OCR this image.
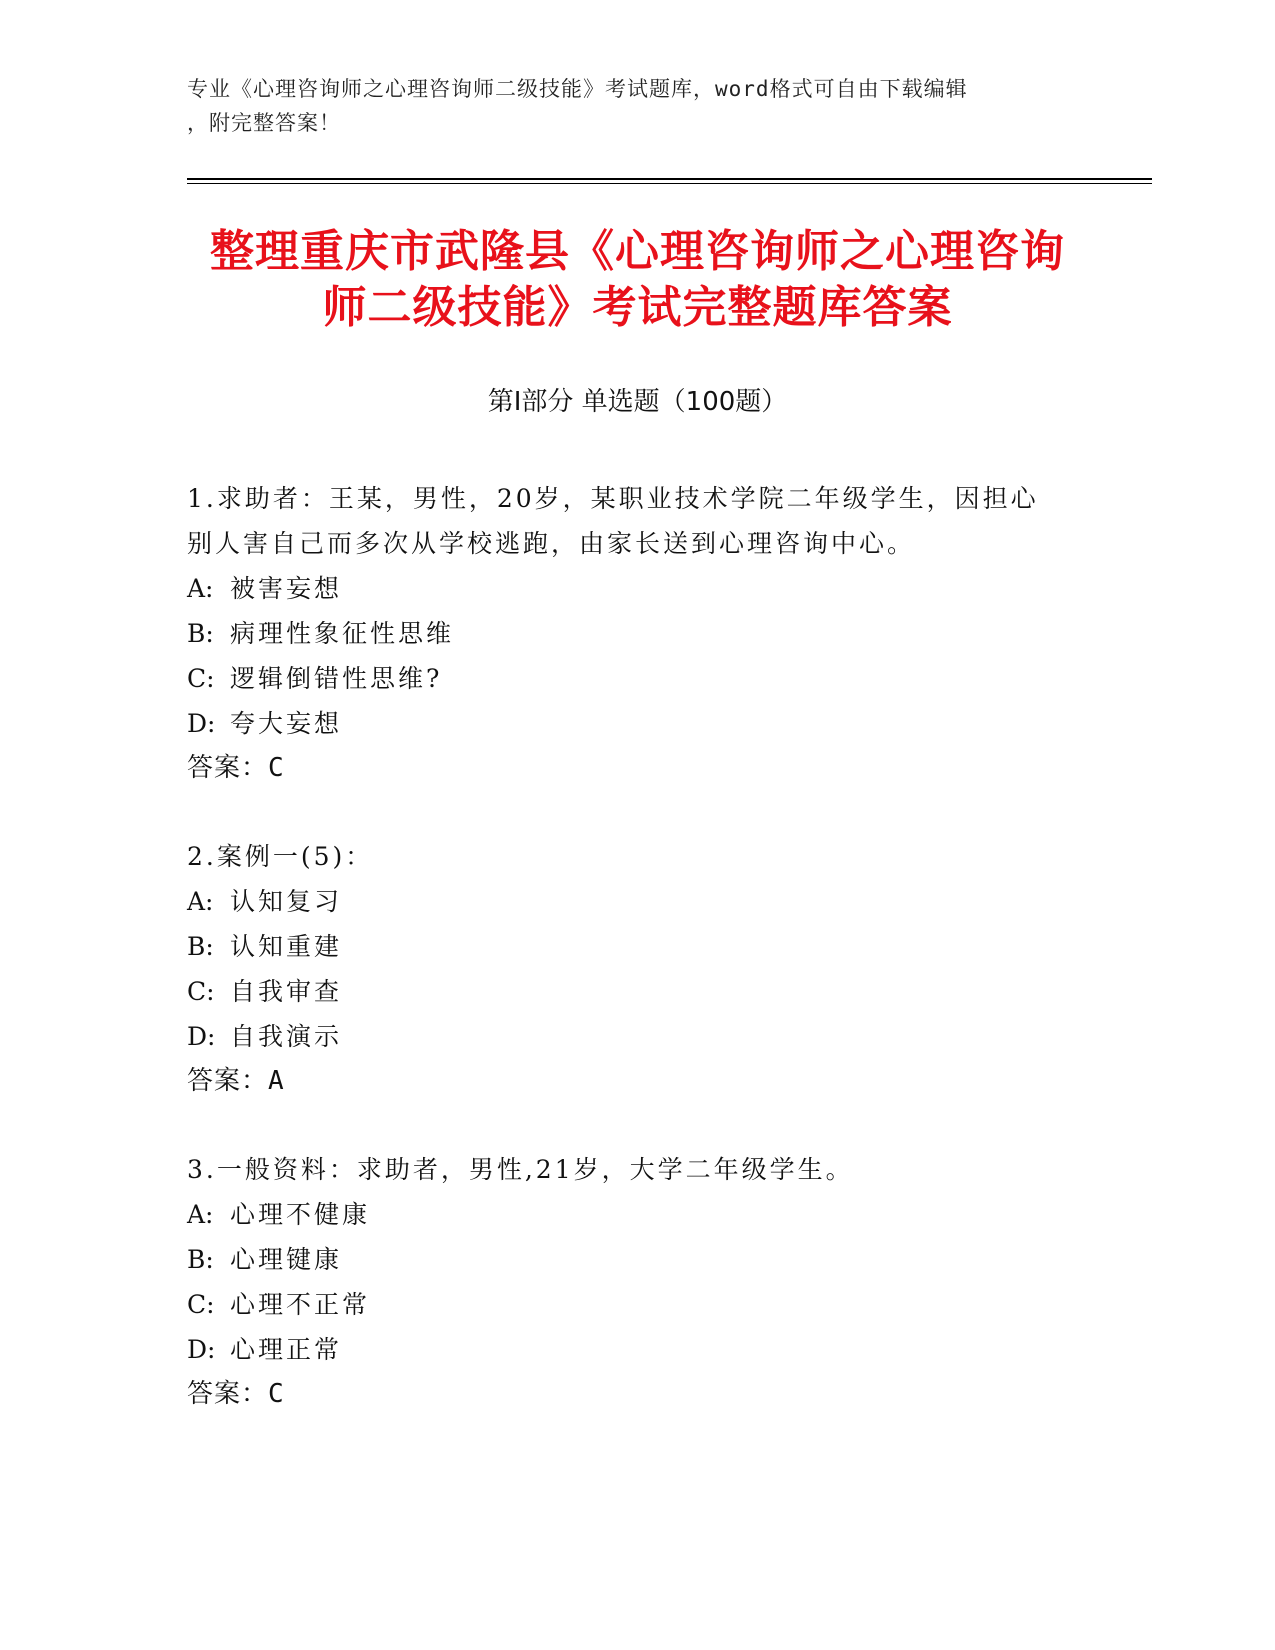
专业《心理咨询师之心理咨询师二级技能》考试题库，word格式可自由下载编辑
，附完整答案！
整理重庆市武隆县《心理咨询师之心理咨询
师二级技能》考试完整题库答案
第Ⅰ部分 单选题（100题）
1.求助者：王某，男性，20岁，某职业技术学院二年级学生，因担心
别人害自己而多次从学校逃跑，由家长送到心理咨询中心。
A: 被害妄想
B: 病理性象征性思维
C: 逻辑倒错性思维?
D: 夸大妄想
答案：C
2.案例一(5)：
A: 认知复习
B: 认知重建
C: 自我审查
D: 自我演示
答案：A
3.一般资料：求助者，男性,21岁，大学二年级学生。
A: 心理不健康
B: 心理键康
C: 心理不正常
D: 心理正常
答案：C
